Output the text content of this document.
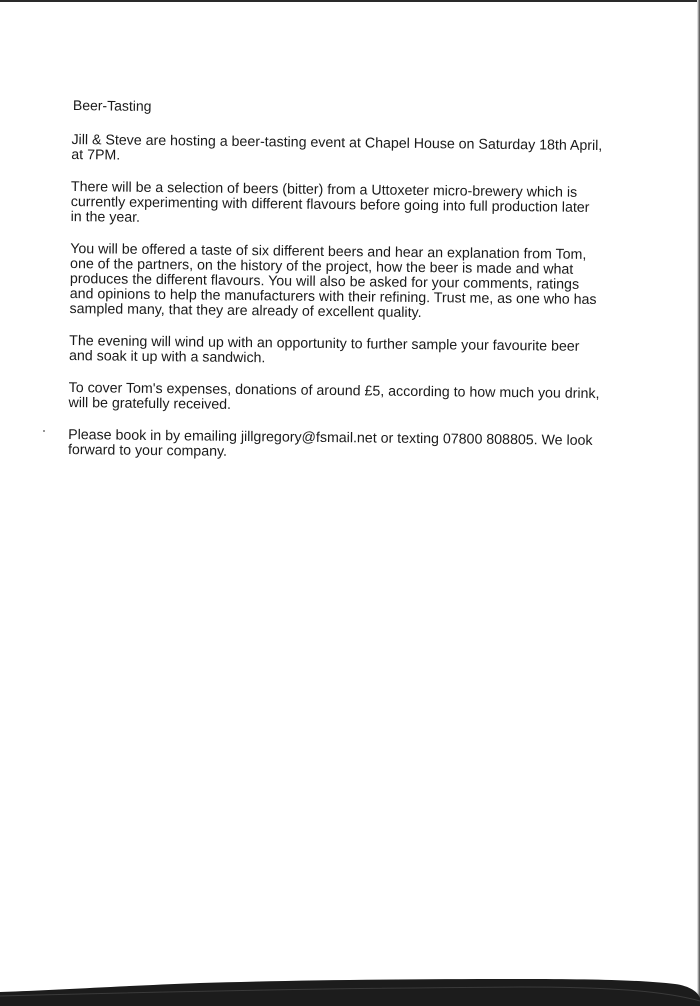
Beer-Tasting

Jill & Steve are hosting a beer-tasting event at Chapel House on Saturday 18th April, at 7PM.

There will be a selection of beers (bitter) from a Uttoxeter micro-brewery which is currently experimenting with different flavours before going into full production later in the year.

You will be offered a taste of six different beers and hear an explanation from Tom, one of the partners, on the history of the project, how the beer is made and what produces the different flavours. You will also be asked for your comments, ratings and opinions to help the manufacturers with their refining. Trust me, as one who has sampled many, that they are already of excellent quality.

The evening will wind up with an opportunity to further sample your favourite beer and soak it up with a sandwich.

To cover Tom's expenses, donations of around £5, according to how much you drink, will be gratefully received.

Please book in by emailing jillgregory@fsmail.net or texting 07800 808805. We look forward to your company.
